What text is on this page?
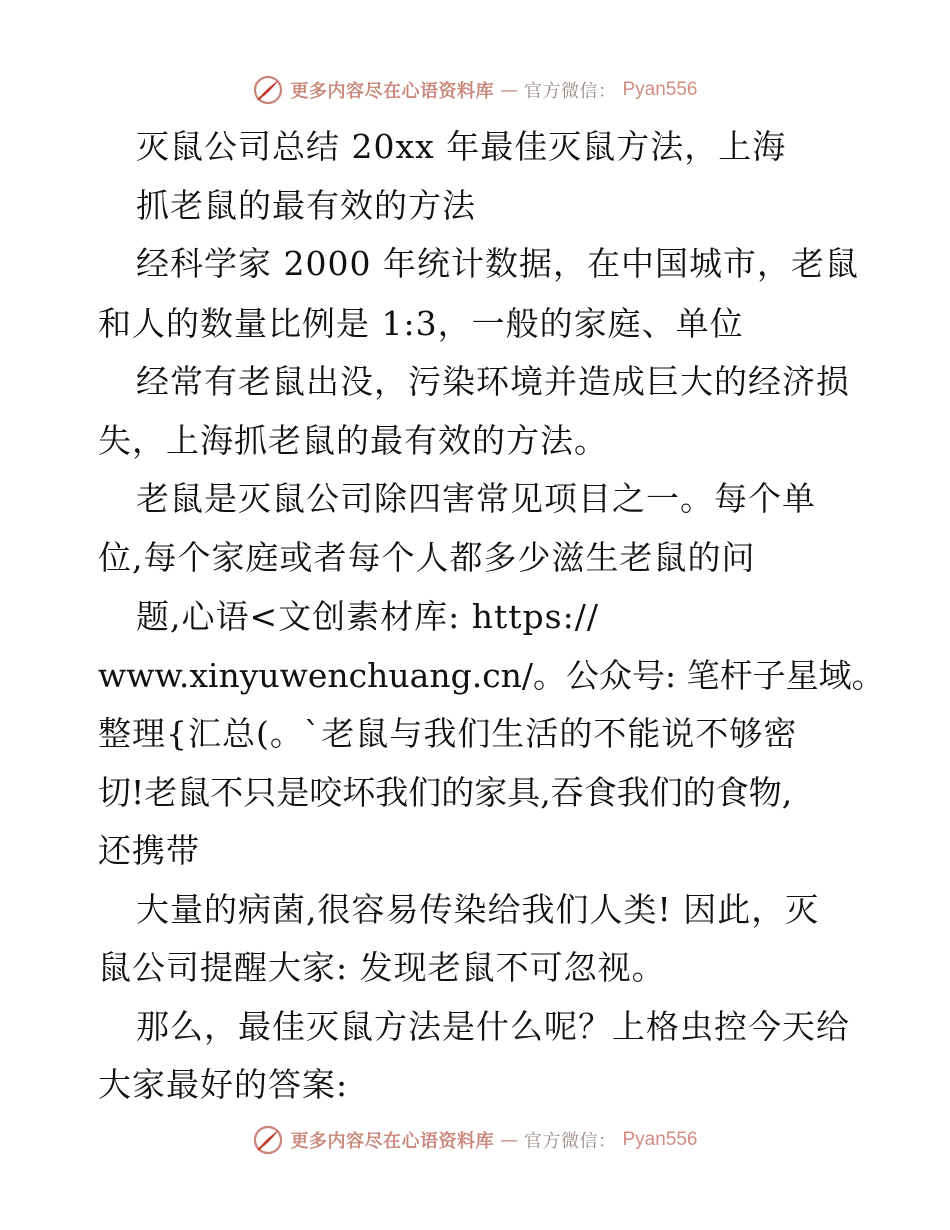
更多内容尽在心语资料库 — 官方微信： Pyan556
灭鼠公司总结 20xx 年最佳灭鼠方法，上海
抓老鼠的最有效的方法
经科学家 2000 年统计数据，在中国城市，老鼠
和人的数量比例是 1:3，一般的家庭、单位
经常有老鼠出没，污染环境并造成巨大的经济损
失，上海抓老鼠的最有效的方法。
老鼠是灭鼠公司除四害常见项目之一。每个单
位,每个家庭或者每个人都多少滋生老鼠的问
题,心语<文创素材库: https://
www.xinyuwenchuang.cn/。公众号: 笔杆子星域。
整理{汇总(。`老鼠与我们生活的不能说不够密
切!老鼠不只是咬坏我们的家具,吞食我们的食物,
还携带
大量的病菌,很容易传染给我们人类! 因此，灭
鼠公司提醒大家: 发现老鼠不可忽视。
那么，最佳灭鼠方法是什么呢？上格虫控今天给
大家最好的答案:
更多内容尽在心语资料库 — 官方微信： Pyan556
